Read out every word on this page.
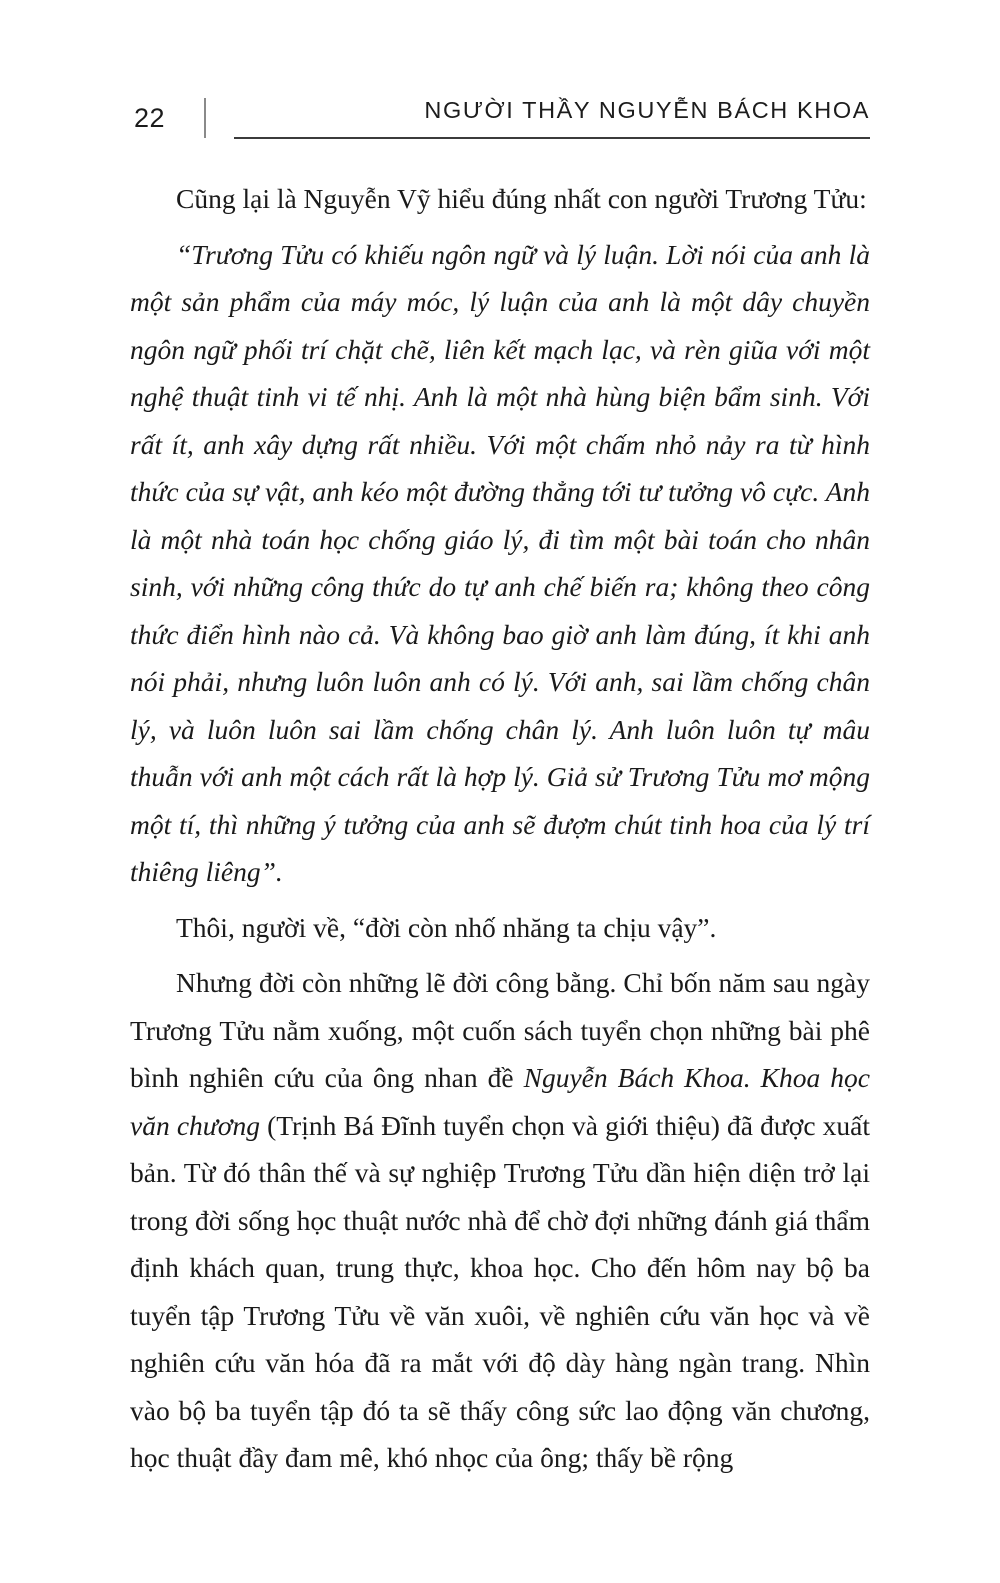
22	NGƯỜI THẦY NGUYỄN BÁCH KHOA

Cũng lại là Nguyễn Vỹ hiểu đúng nhất con người Trương Tửu:

“Trương Tửu có khiếu ngôn ngữ và lý luận. Lời nói của anh là một sản phẩm của máy móc, lý luận của anh là một dây chuyền ngôn ngữ phối trí chặt chẽ, liên kết mạch lạc, và rèn giũa với một nghệ thuật tinh vi tế nhị. Anh là một nhà hùng biện bẩm sinh. Với rất ít, anh xây dựng rất nhiều. Với một chấm nhỏ nảy ra từ hình thức của sự vật, anh kéo một đường thẳng tới tư tưởng vô cực. Anh là một nhà toán học chống giáo lý, đi tìm một bài toán cho nhân sinh, với những công thức do tự anh chế biến ra; không theo công thức điển hình nào cả. Và không bao giờ anh làm đúng, ít khi anh nói phải, nhưng luôn luôn anh có lý. Với anh, sai lầm chống chân lý, và luôn luôn sai lầm chống chân lý. Anh luôn luôn tự mâu thuẫn với anh một cách rất là hợp lý. Giả sử Trương Tửu mơ mộng một tí, thì những ý tưởng của anh sẽ đượm chút tinh hoa của lý trí thiêng liêng”.

Thôi, người về, “đời còn nhố nhăng ta chịu vậy”.

Nhưng đời còn những lẽ đời công bằng. Chỉ bốn năm sau ngày Trương Tửu nằm xuống, một cuốn sách tuyển chọn những bài phê bình nghiên cứu của ông nhan đề Nguyễn Bách Khoa. Khoa học văn chương (Trịnh Bá Đĩnh tuyển chọn và giới thiệu) đã được xuất bản. Từ đó thân thế và sự nghiệp Trương Tửu dần hiện diện trở lại trong đời sống học thuật nước nhà để chờ đợi những đánh giá thẩm định khách quan, trung thực, khoa học. Cho đến hôm nay bộ ba tuyển tập Trương Tửu về văn xuôi, về nghiên cứu văn học và về nghiên cứu văn hóa đã ra mắt với độ dày hàng ngàn trang. Nhìn vào bộ ba tuyển tập đó ta sẽ thấy công sức lao động văn chương, học thuật đầy đam mê, khó nhọc của ông; thấy bề rộng
